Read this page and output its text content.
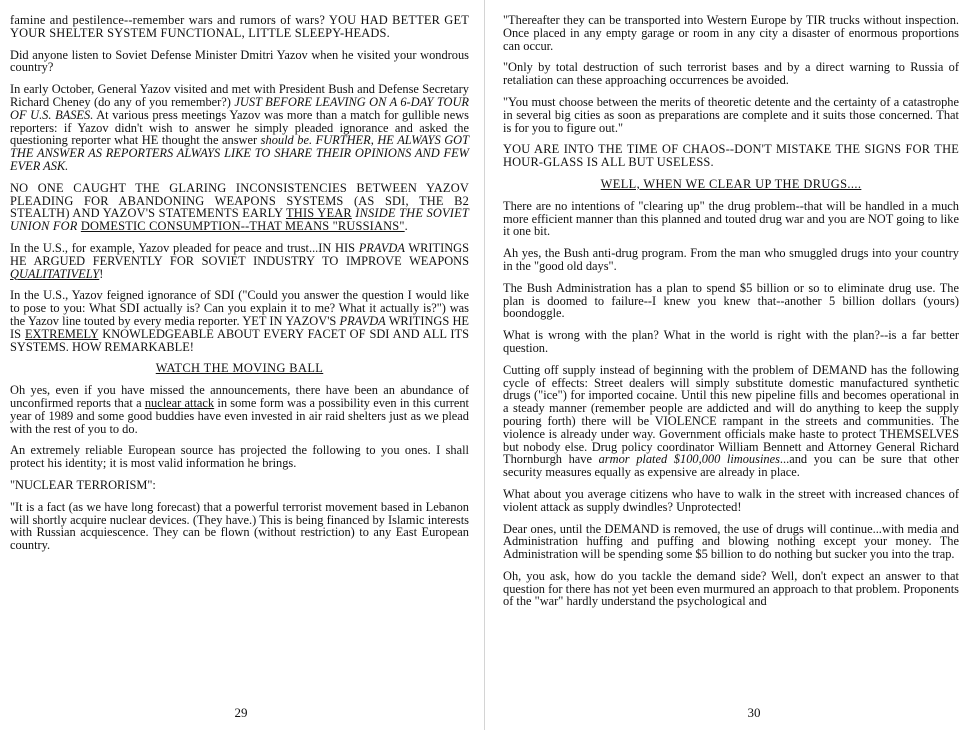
famine and pestilence--remember wars and rumors of wars? YOU HAD BETTER GET YOUR SHELTER SYSTEM FUNCTIONAL, LITTLE SLEEPY-HEADS.

Did anyone listen to Soviet Defense Minister Dmitri Yazov when he visited your wondrous country?

In early October, General Yazov visited and met with President Bush and Defense Secretary Richard Cheney (do any of you remember?) JUST BEFORE LEAVING ON A 6-DAY TOUR OF U.S. BASES. At various press meetings Yazov was more than a match for gullible news reporters: if Yazov didn't wish to answer he simply pleaded ignorance and asked the questioning reporter what HE thought the answer should be. FURTHER, HE ALWAYS GOT THE ANSWER AS REPORTERS ALWAYS LIKE TO SHARE THEIR OPINIONS AND FEW EVER ASK.

NO ONE CAUGHT THE GLARING INCONSISTENCIES BETWEEN YAZOV PLEADING FOR ABANDONING WEAPONS SYSTEMS (AS SDI, THE B2 STEALTH) AND YAZOV'S STATEMENTS EARLY THIS YEAR INSIDE THE SOVIET UNION FOR DOMESTIC CONSUMPTION--THAT MEANS "RUSSIANS".

In the U.S., for example, Yazov pleaded for peace and trust...IN HIS PRAVDA WRITINGS HE ARGUED FERVENTLY FOR SOVIET INDUSTRY TO IMPROVE WEAPONS QUALITATIVELY!

In the U.S., Yazov feigned ignorance of SDI ("Could you answer the question I would like to pose to you: What SDI actually is? Can you explain it to me? What it actually is?") was the Yazov line touted by every media reporter. YET IN YAZOV'S PRAVDA WRITINGS HE IS EXTREMELY KNOWLEDGEABLE ABOUT EVERY FACET OF SDI AND ALL ITS SYSTEMS. HOW REMARKABLE!

WATCH THE MOVING BALL

Oh yes, even if you have missed the announcements, there have been an abundance of unconfirmed reports that a nuclear attack in some form was a possibility even in this current year of 1989 and some good buddies have even invested in air raid shelters just as we plead with the rest of you to do.

An extremely reliable European source has projected the following to you ones. I shall protect his identity; it is most valid information he brings.

"NUCLEAR TERRORISM":

"It is a fact (as we have long forecast) that a powerful terrorist movement based in Lebanon will shortly acquire nuclear devices. (They have.) This is being financed by Islamic interests with Russian acquiescence. They can be flown (without restriction) to any East European country.

29

"Thereafter they can be transported into Western Europe by TIR trucks without inspection. Once placed in any empty garage or room in any city a disaster of enormous proportions can occur.

"Only by total destruction of such terrorist bases and by a direct warning to Russia of retaliation can these approaching occurrences be avoided.

"You must choose between the merits of theoretic detente and the certainty of a catastrophe in several big cities as soon as preparations are complete and it suits those concerned. That is for you to figure out."

YOU ARE INTO THE TIME OF CHAOS--DON'T MISTAKE THE SIGNS FOR THE HOUR-GLASS IS ALL BUT USELESS.

WELL, WHEN WE CLEAR UP THE DRUGS....

There are no intentions of "clearing up" the drug problem--that will be handled in a much more efficient manner than this planned and touted drug war and you are NOT going to like it one bit.

Ah yes, the Bush anti-drug program. From the man who smuggled drugs into your country in the "good old days".

The Bush Administration has a plan to spend $5 billion or so to eliminate drug use. The plan is doomed to failure--I knew you knew that--another 5 billion dollars (yours) boondoggle.

What is wrong with the plan? What in the world is right with the plan?--is a far better question.

Cutting off supply instead of beginning with the problem of DEMAND has the following cycle of effects: Street dealers will simply substitute domestic manufactured synthetic drugs ("ice") for imported cocaine. Until this new pipeline fills and becomes operational in a steady manner (remember people are addicted and will do anything to keep the supply pouring forth) there will be VIOLENCE rampant in the streets and communities. The violence is already under way. Government officials make haste to protect THEMSELVES but nobody else. Drug policy coordinator William Bennett and Attorney General Richard Thornburgh have armor plated $100,000 limousines...and you can be sure that other security measures equally as expensive are already in place.

What about you average citizens who have to walk in the street with increased chances of violent attack as supply dwindles? Unprotected!

Dear ones, until the DEMAND is removed, the use of drugs will continue...with media and Administration huffing and puffing and blowing nothing except your money. The Administration will be spending some $5 billion to do nothing but sucker you into the trap.

Oh, you ask, how do you tackle the demand side? Well, don't expect an answer to that question for there has not yet been even murmured an approach to that problem. Proponents of the "war" hardly understand the psychological and

30
